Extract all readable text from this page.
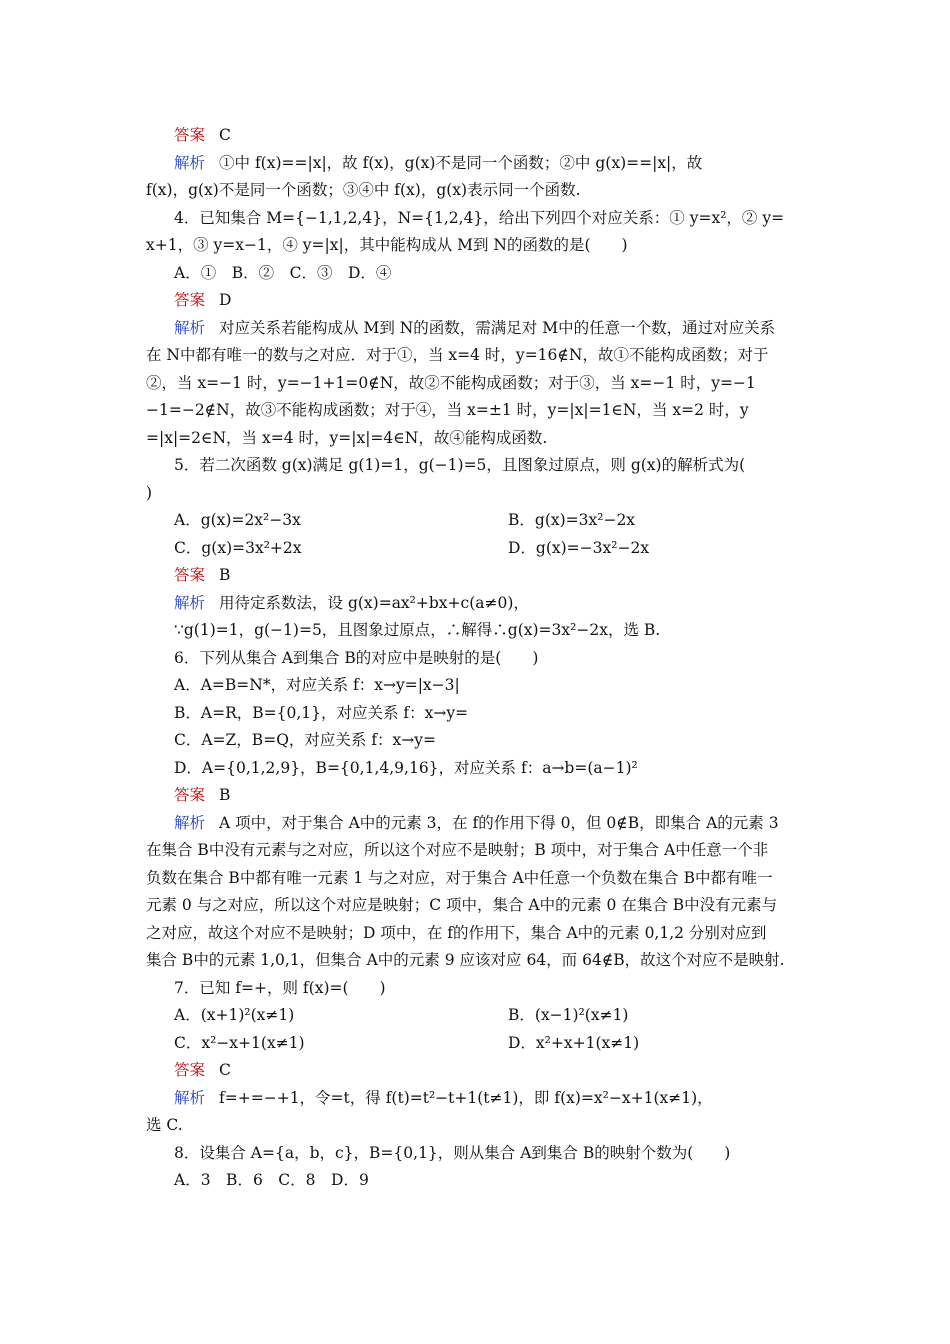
答案 C
解析 ①中 f(x)==|x|，故 f(x)，g(x)不是同一个函数；②中 g(x)==|x|，故
f(x)，g(x)不是同一个函数；③④中 f(x)，g(x)表示同一个函数.
4．已知集合 M={−1,1,2,4}，N={1,2,4}，给出下列四个对应关系：① y=x²，② y=
x+1，③ y=x−1，④ y=|x|，其中能构成从 M到 N的函数的是(　　)
A．①　B．②　C．③　D．④
答案 D
解析 对应关系若能构成从 M到 N的函数，需满足对 M中的任意一个数，通过对应关系
在 N中都有唯一的数与之对应．对于①，当 x=4 时，y=16∉N，故①不能构成函数；对于
②，当 x=−1 时，y=−1+1=0∉N，故②不能构成函数；对于③，当 x=−1 时，y=−1
−1=−2∉N，故③不能构成函数；对于④，当 x=±1 时，y=|x|=1∈N，当 x=2 时，y
=|x|=2∈N，当 x=4 时，y=|x|=4∈N，故④能构成函数.
5．若二次函数 g(x)满足 g(1)=1，g(−1)=5，且图象过原点，则 g(x)的解析式为(
)
A．g(x)=2x²−3x	B．g(x)=3x²−2x
C．g(x)=3x²+2x	D．g(x)=−3x²−2x
答案 B
解析 用待定系数法，设 g(x)=ax²+bx+c(a≠0)，
∵g(1)=1，g(−1)=5，且图象过原点，∴解得∴g(x)=3x²−2x，选 B.
6．下列从集合 A到集合 B的对应中是映射的是(　　)
A．A=B=N*，对应关系 f：x→y=|x−3|
B．A=R，B={0,1}，对应关系 f：x→y=
C．A=Z，B=Q，对应关系 f：x→y=
D．A={0,1,2,9}，B={0,1,4,9,16}，对应关系 f：a→b=(a−1)²
答案 B
解析 A 项中，对于集合 A中的元素 3，在 f的作用下得 0，但 0∉B，即集合 A的元素 3
在集合 B中没有元素与之对应，所以这个对应不是映射；B 项中，对于集合 A中任意一个非
负数在集合 B中都有唯一元素 1 与之对应，对于集合 A中任意一个负数在集合 B中都有唯一
元素 0 与之对应，所以这个对应是映射；C 项中，集合 A中的元素 0 在集合 B中没有元素与
之对应，故这个对应不是映射；D 项中，在 f的作用下，集合 A中的元素 0,1,2 分别对应到
集合 B中的元素 1,0,1，但集合 A中的元素 9 应该对应 64，而 64∉B，故这个对应不是映射.
7．已知 f=+，则 f(x)=(　　)
A．(x+1)²(x≠1)	B．(x−1)²(x≠1)
C．x²−x+1(x≠1)	D．x²+x+1(x≠1)
答案 C
解析 f=+=−+1，令=t，得 f(t)=t²−t+1(t≠1)，即 f(x)=x²−x+1(x≠1)，
选 C.
8．设集合 A={a，b，c}，B={0,1}，则从集合 A到集合 B的映射个数为(　　)
A．3　B．6　C．8　D．9
